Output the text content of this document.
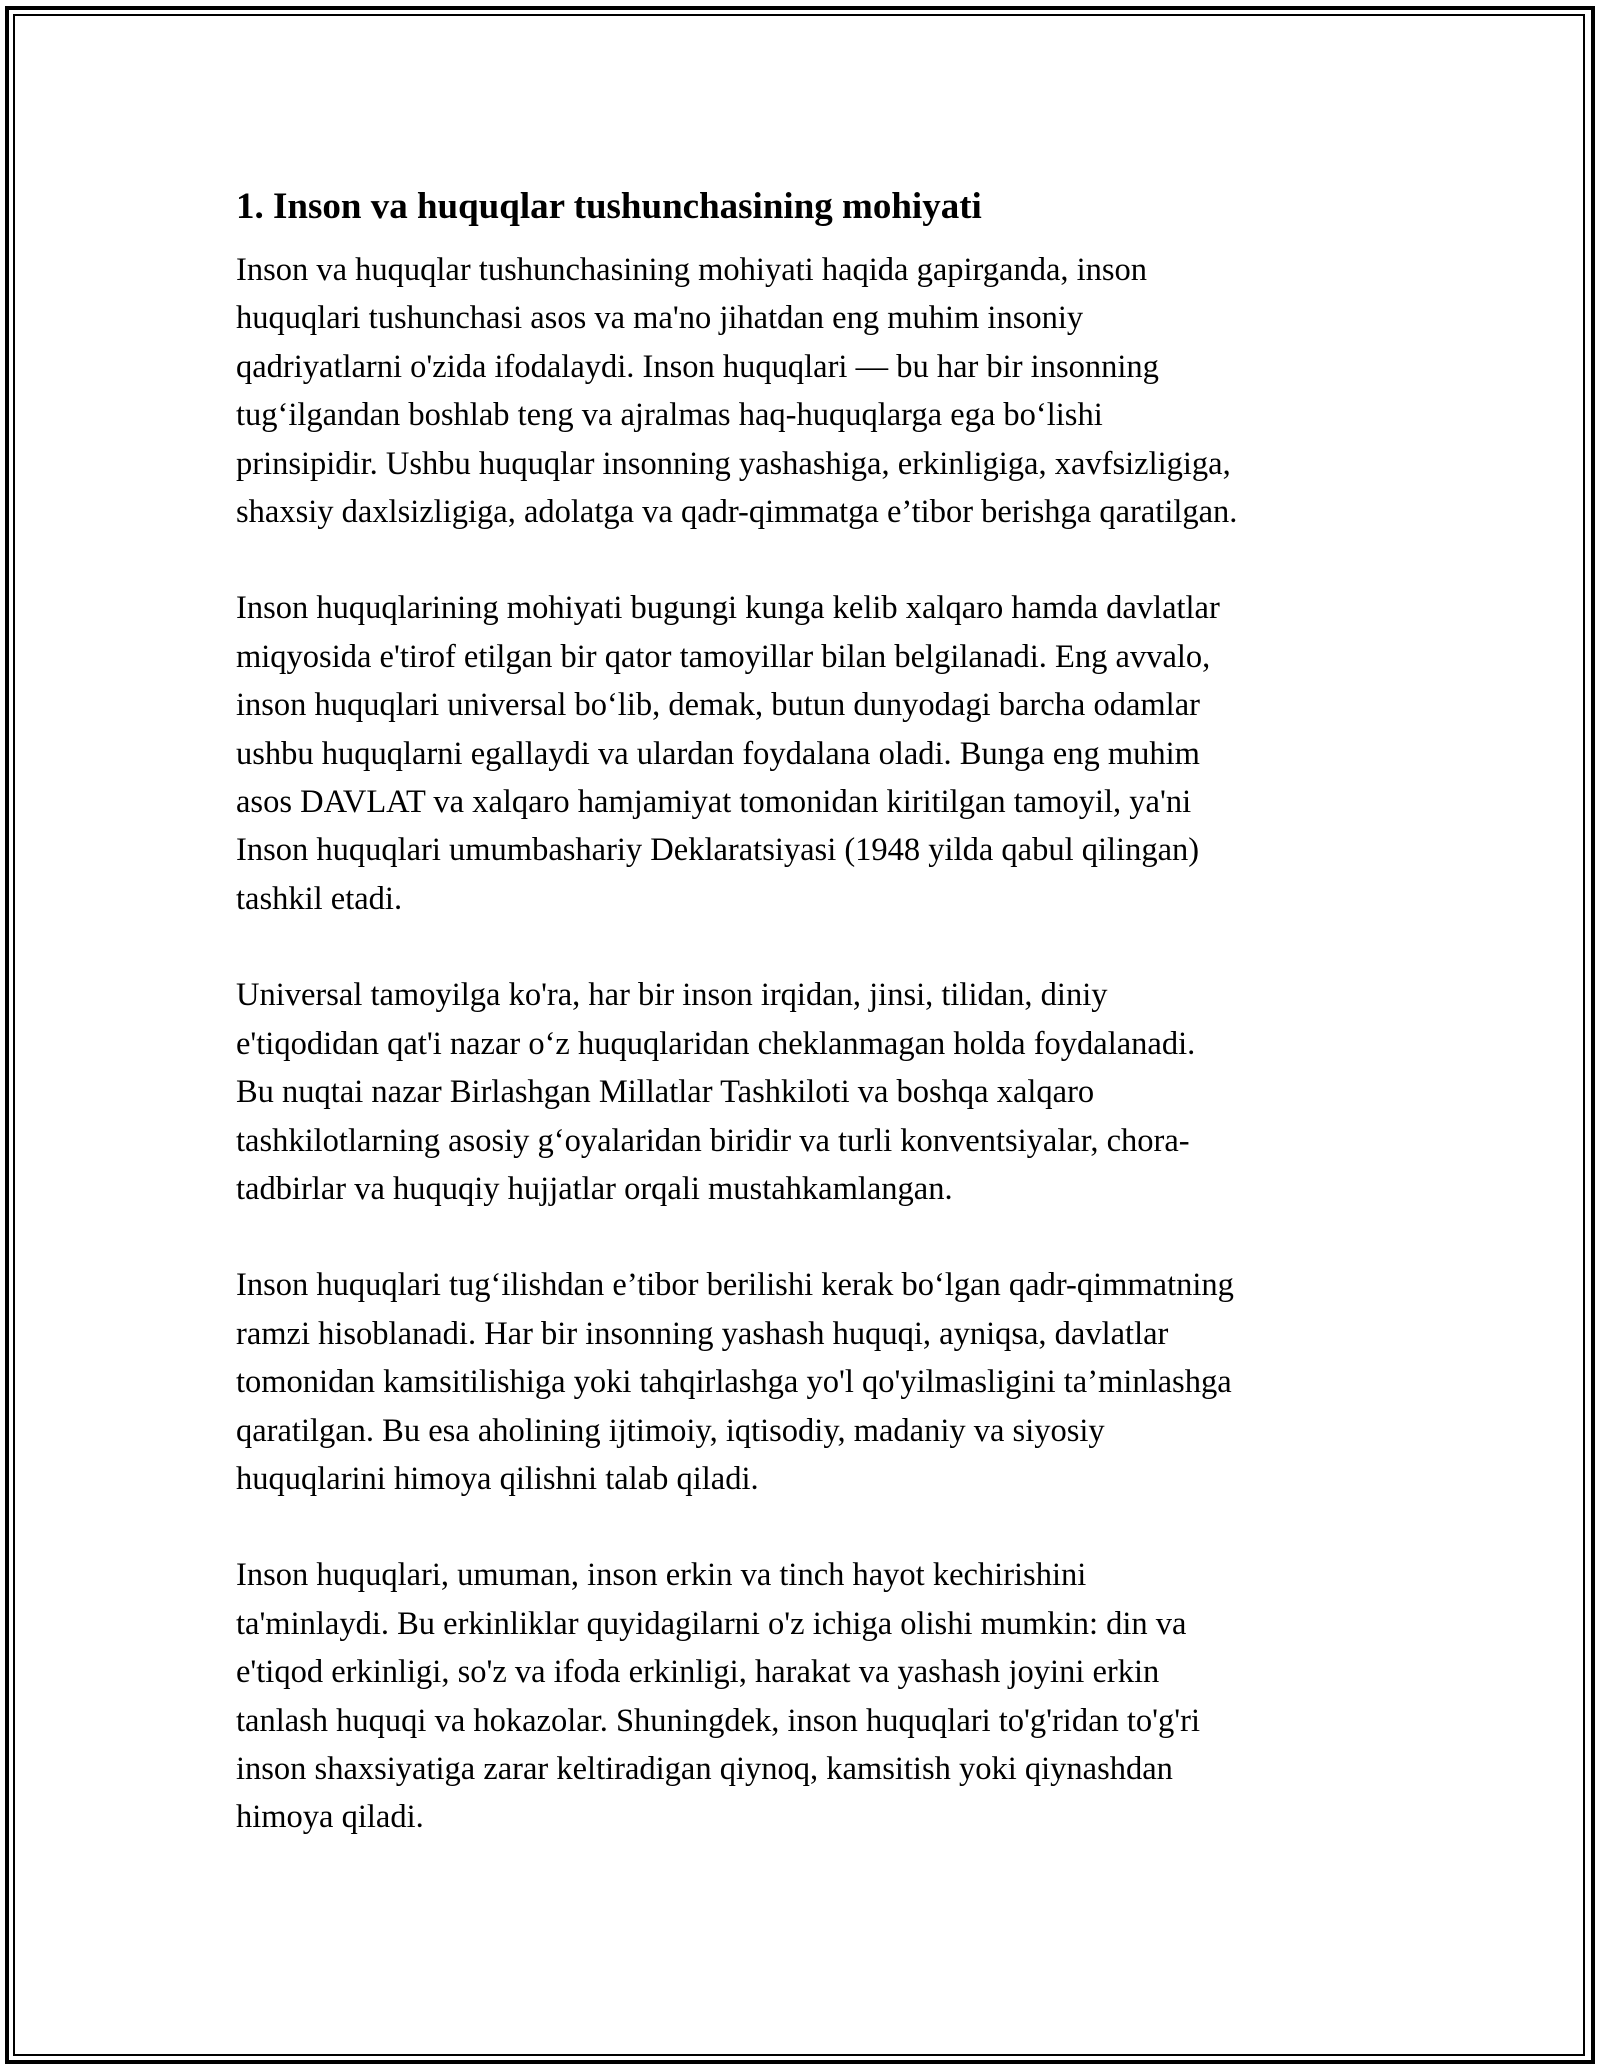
1. Inson va huquqlar tushunchasining mohiyati

Inson va huquqlar tushunchasining mohiyati haqida gapirganda, inson
huquqlari tushunchasi asos va ma'no jihatdan eng muhim insoniy
qadriyatlarni o'zida ifodalaydi. Inson huquqlari — bu har bir insonning
tug‘ilgandan boshlab teng va ajralmas haq-huquqlarga ega bo‘lishi
prinsipidir. Ushbu huquqlar insonning yashashiga, erkinligiga, xavfsizligiga,
shaxsiy daxlsizligiga, adolatga va qadr-qimmatga e’tibor berishga qaratilgan.

Inson huquqlarining mohiyati bugungi kunga kelib xalqaro hamda davlatlar
miqyosida e'tirof etilgan bir qator tamoyillar bilan belgilanadi. Eng avvalo,
inson huquqlari universal bo‘lib, demak, butun dunyodagi barcha odamlar
ushbu huquqlarni egallaydi va ulardan foydalana oladi. Bunga eng muhim
asos DAVLAT va xalqaro hamjamiyat tomonidan kiritilgan tamoyil, ya'ni
Inson huquqlari umumbashariy Deklaratsiyasi (1948 yilda qabul qilingan)
tashkil etadi.

Universal tamoyilga ko'ra, har bir inson irqidan, jinsi, tilidan, diniy
e'tiqodidan qat'i nazar o‘z huquqlaridan cheklanmagan holda foydalanadi.
Bu nuqtai nazar Birlashgan Millatlar Tashkiloti va boshqa xalqaro
tashkilotlarning asosiy g‘oyalaridan biridir va turli konventsiyalar, chora-
tadbirlar va huquqiy hujjatlar orqali mustahkamlangan.

Inson huquqlari tug‘ilishdan e’tibor berilishi kerak bo‘lgan qadr-qimmatning
ramzi hisoblanadi. Har bir insonning yashash huquqi, ayniqsa, davlatlar
tomonidan kamsitilishiga yoki tahqirlashga yo'l qo'yilmasligini ta’minlashga
qaratilgan. Bu esa aholining ijtimoiy, iqtisodiy, madaniy va siyosiy
huquqlarini himoya qilishni talab qiladi.

Inson huquqlari, umuman, inson erkin va tinch hayot kechirishini
ta'minlaydi. Bu erkinliklar quyidagilarni o'z ichiga olishi mumkin: din va
e'tiqod erkinligi, so'z va ifoda erkinligi, harakat va yashash joyini erkin
tanlash huquqi va hokazolar. Shuningdek, inson huquqlari to'g'ridan to'g'ri
inson shaxsiyatiga zarar keltiradigan qiynoq, kamsitish yoki qiynashdan
himoya qiladi.
